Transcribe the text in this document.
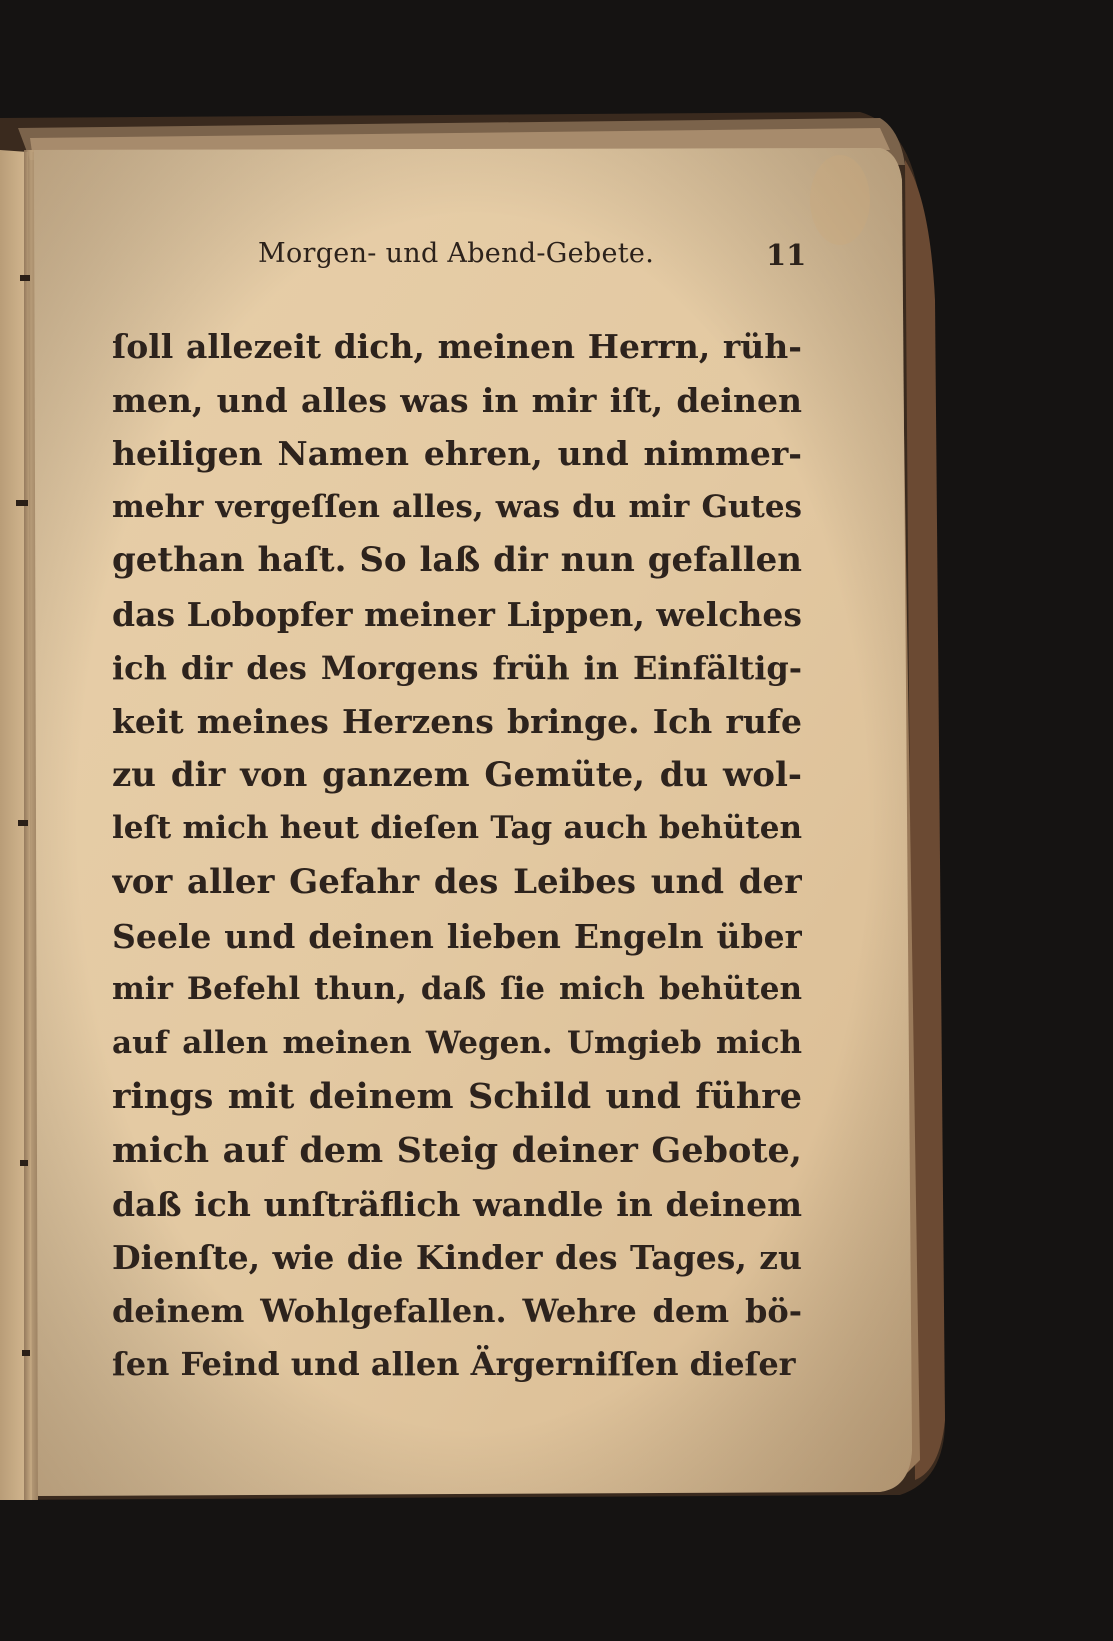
Morgen- und Abend-Gebete.	11
ſoll allezeit dich, meinen Herrn, rüh-
men, und alles was in mir iſt, deinen
heiligen Namen ehren, und nimmer-
mehr vergeſſen alles, was du mir Gutes
gethan haſt. So laß dir nun gefallen
das Lobopfer meiner Lippen, welches
ich dir des Morgens früh in Einfältig-
keit meines Herzens bringe. Ich rufe
zu dir von ganzem Gemüte, du wol-
leſt mich heut dieſen Tag auch behüten
vor aller Gefahr des Leibes und der
Seele und deinen lieben Engeln über
mir Befehl thun, daß ſie mich behüten
auf allen meinen Wegen. Umgieb mich
rings mit deinem Schild und führe
mich auf dem Steig deiner Gebote,
daß ich unſträflich wandle in deinem
Dienſte, wie die Kinder des Tages, zu
deinem Wohlgefallen. Wehre dem bö-
ſen Feind und allen Ärgerniſſen dieſer
